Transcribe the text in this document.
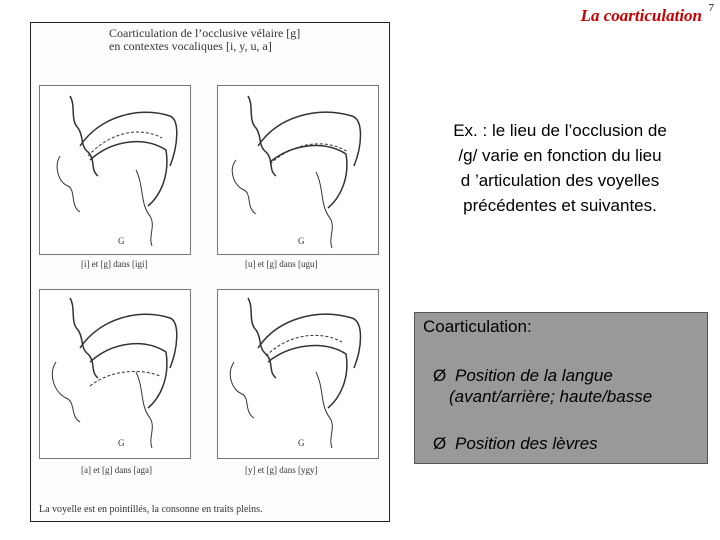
La coarticulation 7
Coarticulation de l’occlusive vélaire [g]
en contextes vocaliques [i, y, u, a]
G
[i] et [g] dans [igi]
G
[u] et [g] dans [ugu]
G
[a] et [g] dans [aga]
G
[y] et [g] dans [ygy]
La voyelle est en pointillés, la consonne en traits pleins.
Ex. : le lieu de l’occlusion de
/g/ varie en fonction du lieu
d ’articulation des voyelles
précédentes et suivantes.
Coarticulation:
Ø Position de la langue
(avant/arrière; haute/basse
Ø Position des lèvres
